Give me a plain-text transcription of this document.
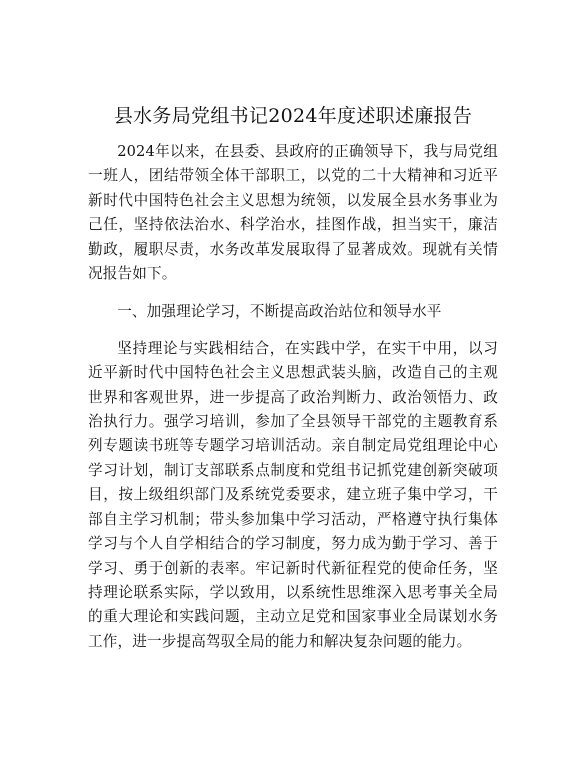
县水务局党组书记2024年度述职述廉报告

2024年以来，在县委、县政府的正确领导下，我与局党组一班人，团结带领全体干部职工，以党的二十大精神和习近平新时代中国特色社会主义思想为统领，以发展全县水务事业为己任，坚持依法治水、科学治水，挂图作战，担当实干，廉洁勤政，履职尽责，水务改革发展取得了显著成效。现就有关情况报告如下。

一、加强理论学习，不断提高政治站位和领导水平

坚持理论与实践相结合，在实践中学，在实干中用，以习近平新时代中国特色社会主义思想武装头脑，改造自己的主观世界和客观世界，进一步提高了政治判断力、政治领悟力、政治执行力。强学习培训，参加了全县领导干部党的主题教育系列专题读书班等专题学习培训活动。亲自制定局党组理论中心学习计划，制订支部联系点制度和党组书记抓党建创新突破项目，按上级组织部门及系统党委要求，建立班子集中学习，干部自主学习机制；带头参加集中学习活动，严格遵守执行集体学习与个人自学相结合的学习制度，努力成为勤于学习、善于学习、勇于创新的表率。牢记新时代新征程党的使命任务，坚持理论联系实际，学以致用，以系统性思维深入思考事关全局的重大理论和实践问题，主动立足党和国家事业全局谋划水务工作，进一步提高驾驭全局的能力和解决复杂问题的能力。
